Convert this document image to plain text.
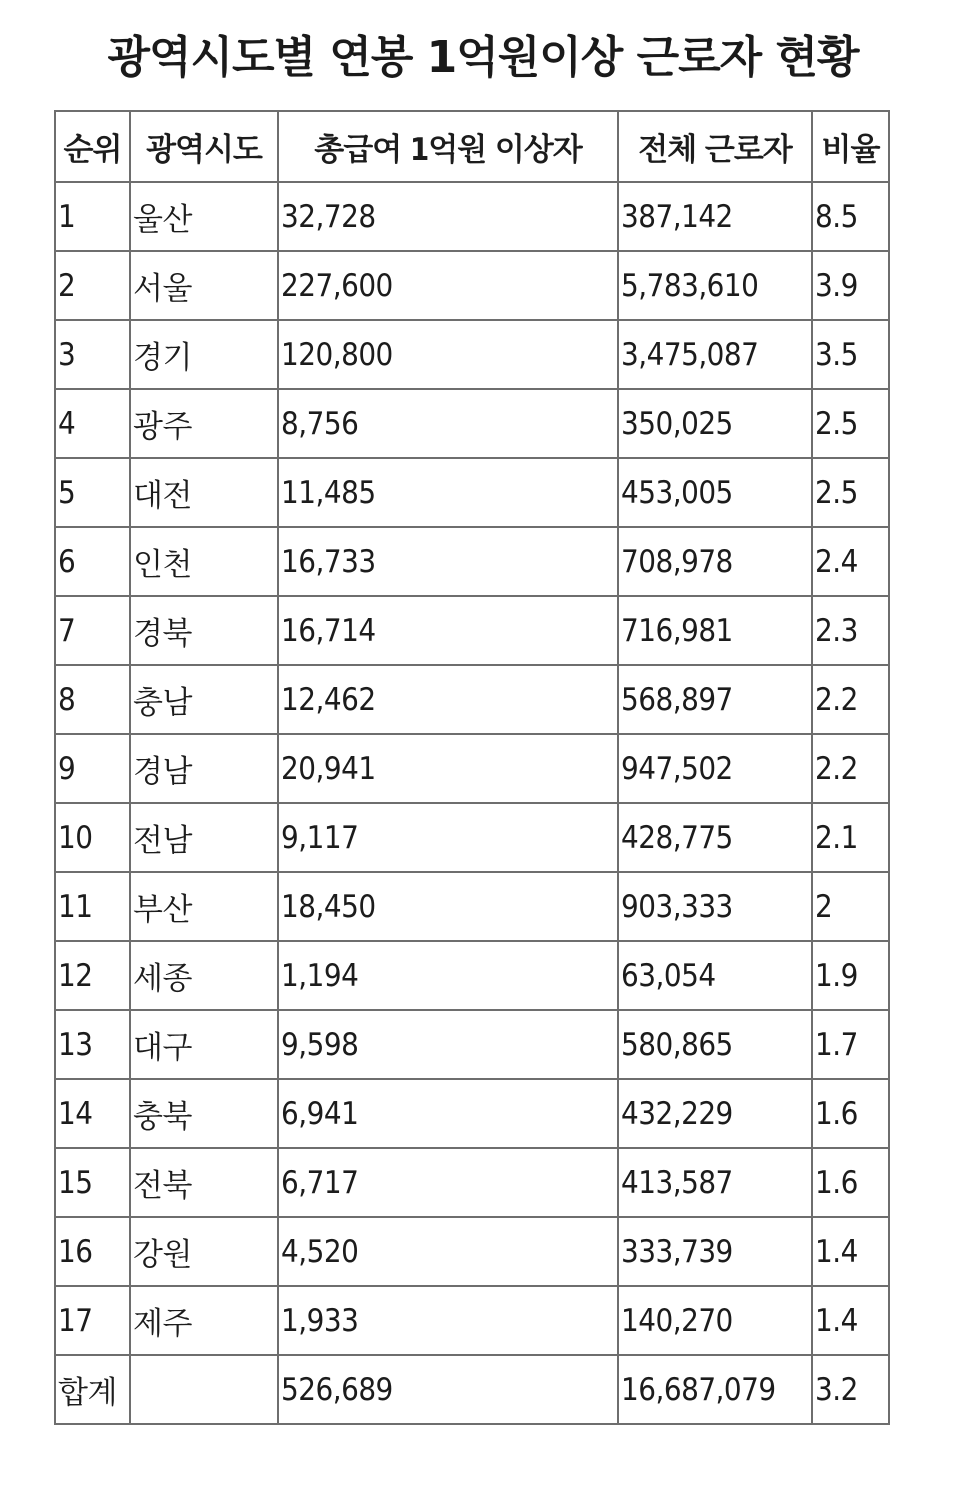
광역시도별 연봉 1억원이상 근로자 현황
순위	광역시도	총급여 1억원 이상자	전체 근로자	비율
1	울산	32,728	387,142	8.5
2	서울	227,600	5,783,610	3.9
3	경기	120,800	3,475,087	3.5
4	광주	8,756	350,025	2.5
5	대전	11,485	453,005	2.5
6	인천	16,733	708,978	2.4
7	경북	16,714	716,981	2.3
8	충남	12,462	568,897	2.2
9	경남	20,941	947,502	2.2
10	전남	9,117	428,775	2.1
11	부산	18,450	903,333	2
12	세종	1,194	63,054	1.9
13	대구	9,598	580,865	1.7
14	충북	6,941	432,229	1.6
15	전북	6,717	413,587	1.6
16	강원	4,520	333,739	1.4
17	제주	1,933	140,270	1.4
합계		526,689	16,687,079	3.2
